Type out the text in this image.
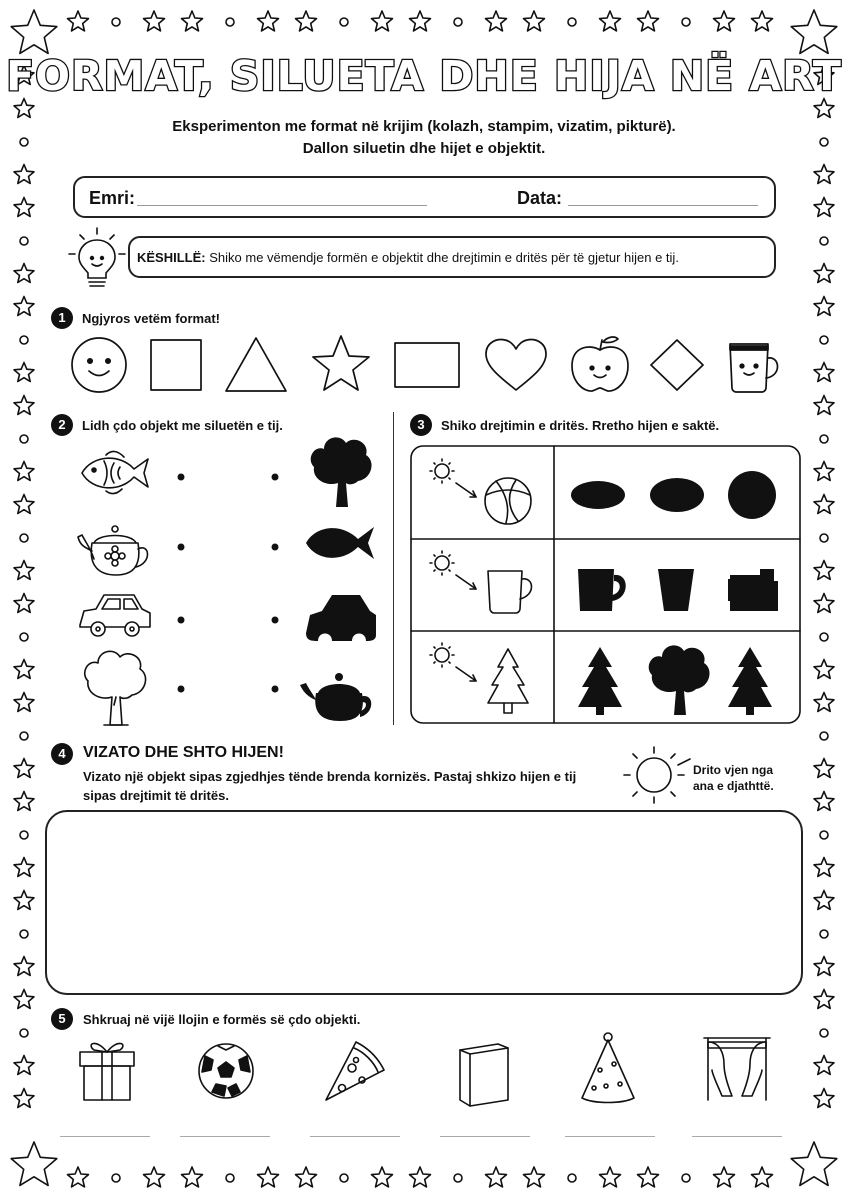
FORMAT, SILUETA DHE HIJA NË ART
Eksperimenton me format në krijim (kolazh, stampim, vizatim, pikturë).
Dallon siluetin dhe hijet e objektit.
Emri:	Data:
KËSHILLË: Shiko me vëmendje formën e objektit dhe drejtimin e dritës për të gjetur hijen e tij.
1	Ngjyros vetëm format!
2	Lidh çdo objekt me siluetën e tij.	3	Shiko drejtimin e dritës. Rretho hijen e saktë.
4	VIZATO DHE SHTO HIJEN!
Vizato një objekt sipas zgjedhjes tënde brenda kornizës. Pastaj shkizo hijen e tij
sipas drejtimit të dritës.
Drito vjen nga
ana e djathttë.
5	Shkruaj në vijë llojin e formës së çdo objekti.
